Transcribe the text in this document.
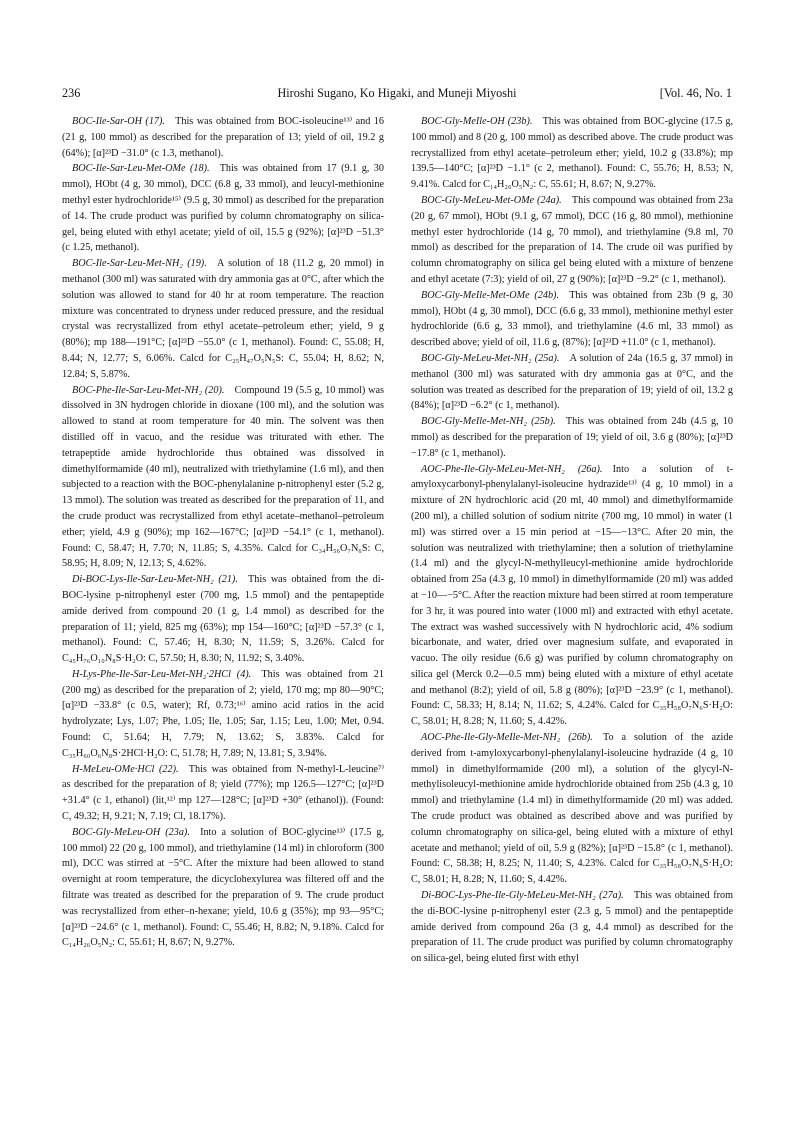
236	Hiroshi Sugano, Ko Higaki, and Muneji Miyoshi	[Vol. 46, No. 1

BOC-Ile-Sar-OH (17).  This was obtained from BOC-isoleucine¹³⁾ and 16 (21 g, 100 mmol) as described for the preparation of 13; yield of oil, 19.2 g (64%); [α]²³D −31.0° (c 1.3, methanol).

BOC-Ile-Sar-Leu-Met-OMe (18).  This was obtained from 17 (9.1 g, 30 mmol), HObt (4 g, 30 mmol), DCC (6.8 g, 33 mmol), and leucyl-methionine methyl ester hydrochloride¹⁵⁾ (9.5 g, 30 mmol) as described for the preparation of 14. The crude product was purified by column chromatography on silica-gel, being eluted with ethyl acetate; yield of oil, 15.5 g (92%); [α]²³D −51.3° (c 1.25, methanol).

BOC-Ile-Sar-Leu-Met-NH₂ (19).  A solution of 18 (11.2 g, 20 mmol) in methanol (300 ml) was saturated with dry ammonia gas at 0°C, after which the solution was allowed to stand for 40 hr at room temperature. The reaction mixture was concentrated to dryness under reduced pressure, and the residual crystal was recrystallized from ethyl acetate–petroleum ether; yield, 9 g (80%); mp 188—191°C; [α]²³D −55.0° (c 1, methanol). Found: C, 55.08; H, 8.44; N, 12.77; S, 6.06%. Calcd for C₂₅H₄₇O₅N₅S: C, 55.04; H, 8.62; N, 12.84; S, 5.87%.

BOC-Phe-Ile-Sar-Leu-Met-NH₂ (20).  Compound 19 (5.5 g, 10 mmol) was dissolved in 3N hydrogen chloride in dioxane (100 ml), and the solution was allowed to stand at room temperature for 40 min. The solvent was then distilled off in vacuo, and the residue was triturated with ether. The tetrapeptide amide hydrochloride thus obtained was dissolved in dimethylformamide (40 ml), neutralized with triethylamine (1.6 ml), and then subjected to a reaction with the BOC-phenylalanine p-nitrophenyl ester (5.2 g, 13 mmol). The solution was treated as described for the preparation of 11, and the crude product was recrystallized from ethyl acetate–methanol–petroleum ether; yield, 4.9 g (90%); mp 162—167°C; [α]²³D −54.1° (c 1, methanol). Found: C, 58.47; H, 7.70; N, 11.85; S, 4.35%. Calcd for C₃₄H₅₆O₇N₆S: C, 58.95; H, 8.09; N, 12.13; S, 4.62%.

Di-BOC-Lys-Ile-Sar-Leu-Met-NH₂ (21).  This was obtained from the di-BOC-lysine p-nitrophenyl ester (700 mg, 1.5 mmol) and the pentapeptide amide derived from compound 20 (1 g, 1.4 mmol) as described for the preparation of 11; yield, 825 mg (63%); mp 154—160°C; [α]²³D −57.3° (c 1, methanol). Found: C, 57.46; H, 8.30; N, 11.59; S, 3.26%. Calcd for C₄₅H₇₆O₁₀N₈S·H₂O: C, 57.50; H, 8.30; N, 11.92; S, 3.40%.

H-Lys-Phe-Ile-Sar-Leu-Met-NH₂·2HCl (4).  This was obtained from 21 (200 mg) as described for the preparation of 2; yield, 170 mg; mp 80—90°C; [α]²³D −33.8° (c 0.5, water); Rf, 0.73;¹⁶⁾ amino acid ratios in the acid hydrolyzate; Lys, 1.07; Phe, 1.05; Ile, 1.05; Sar, 1.15; Leu, 1.00; Met, 0.94. Found: C, 51.64; H, 7.79; N, 13.62; S, 3.83%. Calcd for C₃₅H₆₀O₆N₈S·2HCl·H₂O: C, 51.78; H, 7.89; N, 13.81; S, 3.94%.

H-MeLeu-OMe·HCl (22).  This was obtained from N-methyl-L-leucine⁷⁾ as described for the preparation of 8; yield (77%); mp 126.5—127°C; [α]²³D +31.4° (c 1, ethanol) (lit,¹²⁾ mp 127—128°C; [α]²³D +30° (ethanol)). (Found: C, 49.32; H, 9.21; N, 7.19; Cl, 18.17%).

BOC-Gly-MeLeu-OH (23a).  Into a solution of BOC-glycine¹³⁾ (17.5 g, 100 mmol) 22 (20 g, 100 mmol), and triethylamine (14 ml) in chloroform (300 ml), DCC was stirred at −5°C. After the mixture had been allowed to stand overnight at room temperature, the dicyclohexylurea was filtered off and the filtrate was treated as described for the preparation of 9. The crude product was recrystallized from ether–n-hexane; yield, 10.6 g (35%); mp 93—95°C; [α]²³D −24.6° (c 1, methanol). Found: C, 55.46; H, 8.82; N, 9.18%. Calcd for C₁₄H₂₆O₅N₂: C, 55.61; H, 8.67; N, 9.27%.

BOC-Gly-MeIle-OH (23b).  This was obtained from BOC-glycine (17.5 g, 100 mmol) and 8 (20 g, 100 mmol) as described above. The crude product was recrystallized from ethyl acetate–petroleum ether; yield, 10.2 g (33.8%); mp 139.5—140°C; [α]²³D −1.1° (c 2, methanol). Found: C, 55.76; H, 8.53; N, 9.41%. Calcd for C₁₄H₂₆O₅N₂: C, 55.61; H, 8.67; N, 9.27%.

BOC-Gly-MeLeu-Met-OMe (24a).  This compound was obtained from 23a (20 g, 67 mmol), HObt (9.1 g, 67 mmol), DCC (16 g, 80 mmol), methionine methyl ester hydrochloride (14 g, 70 mmol), and triethylamine (9.8 ml, 70 mmol) as described for the preparation of 14. The crude oil was purified by column chromatography on silica gel being eluted with a mixture of benzene and ethyl acetate (7:3); yield of oil, 27 g (90%); [α]²³D −9.2° (c 1, methanol).

BOC-Gly-MeIle-Met-OMe (24b).  This was obtained from 23b (9 g, 30 mmol), HObt (4 g, 30 mmol), DCC (6.6 g, 33 mmol), methionine methyl ester hydrochloride (6.6 g, 33 mmol), and triethylamine (4.6 ml, 33 mmol) as described above; yield of oil, 11.6 g, (87%); [α]²³D +11.0° (c 1, methanol).

BOC-Gly-MeLeu-Met-NH₂ (25a).  A solution of 24a (16.5 g, 37 mmol) in methanol (300 ml) was saturated with dry ammonia gas at 0°C, and the solution was treated as described for the preparation of 19; yield of oil, 13.2 g (84%); [α]²³D −6.2° (c 1, methanol).

BOC-Gly-MeIle-Met-NH₂ (25b).  This was obtained from 24b (4.5 g, 10 mmol) as described for the preparation of 19; yield of oil, 3.6 g (80%); [α]²³D −17.8° (c 1, methanol).

AOC-Phe-Ile-Gly-MeLeu-Met-NH₂ (26a).  Into a solution of t-amyloxycarbonyl-phenylalanyl-isoleucine hydrazide¹³⁾ (4 g, 10 mmol) in a mixture of 2N hydrochloric acid (20 ml, 40 mmol) and dimethylformamide (200 ml), a chilled solution of sodium nitrite (700 mg, 10 mmol) in water (1 ml) was stirred over a 15 min period at −15—−13°C. After 20 min, the solution was neutralized with triethylamine; then a solution of triethylamine (1.4 ml) and the glycyl-N-methylleucyl-methionine amide hydrochloride obtained from 25a (4.3 g, 10 mmol) in dimethylformamide (20 ml) was added at −10—−5°C. After the reaction mixture had been stirred at room temperature for 3 hr, it was poured into water (1000 ml) and extracted with ethyl acetate. The extract was washed successively with N hydrochloric acid, 4% sodium bicarbonate, and water, dried over magnesium sulfate, and evaporated in vacuo. The oily residue (6.6 g) was purified by column chromatography on silica gel (Merck 0.2—0.5 mm) being eluted with a mixture of ethyl acetate and methanol (8:2); yield of oil, 5.8 g (80%); [α]²³D −23.9° (c 1, methanol). Found: C, 58.33; H, 8.14; N, 11.62; S, 4.24%. Calcd for C₃₅H₅₈O₇N₆S·H₂O: C, 58.01; H, 8.28; N, 11.60; S, 4.42%.

AOC-Phe-Ile-Gly-MeIle-Met-NH₂ (26b).  To a solution of the azide derived from t-amyloxycarbonyl-phenylalanyl-isoleucine hydrazide (4 g, 10 mmol) in dimethylformamide (200 ml), a solution of the glycyl-N-methylisoleucyl-methionine amide hydrochloride obtained from 25b (4.3 g, 10 mmol) and triethylamine (1.4 ml) in dimethylformamide (20 ml) was added. The crude product was obtained as described above and was purified by column chromatography on silica-gel, being eluted with a mixture of ethyl acetate and methanol; yield of oil, 5.9 g (82%); [α]²³D −15.8° (c 1, methanol). Found: C, 58.38; H, 8.25; N, 11.40; S, 4.23%. Calcd for C₃₅H₅₈O₇N₆S·H₂O: C, 58.01; H, 8.28; N, 11.60; S, 4.42%.

Di-BOC-Lys-Phe-Ile-Gly-MeLeu-Met-NH₂ (27a).  This was obtained from the di-BOC-lysine p-nitrophenyl ester (2.3 g, 5 mmol) and the pentapeptide amide derived from compound 26a (3 g, 4.4 mmol) as described for the preparation of 11. The crude product was purified by column chromatography on silica-gel, being eluted first with ethyl
